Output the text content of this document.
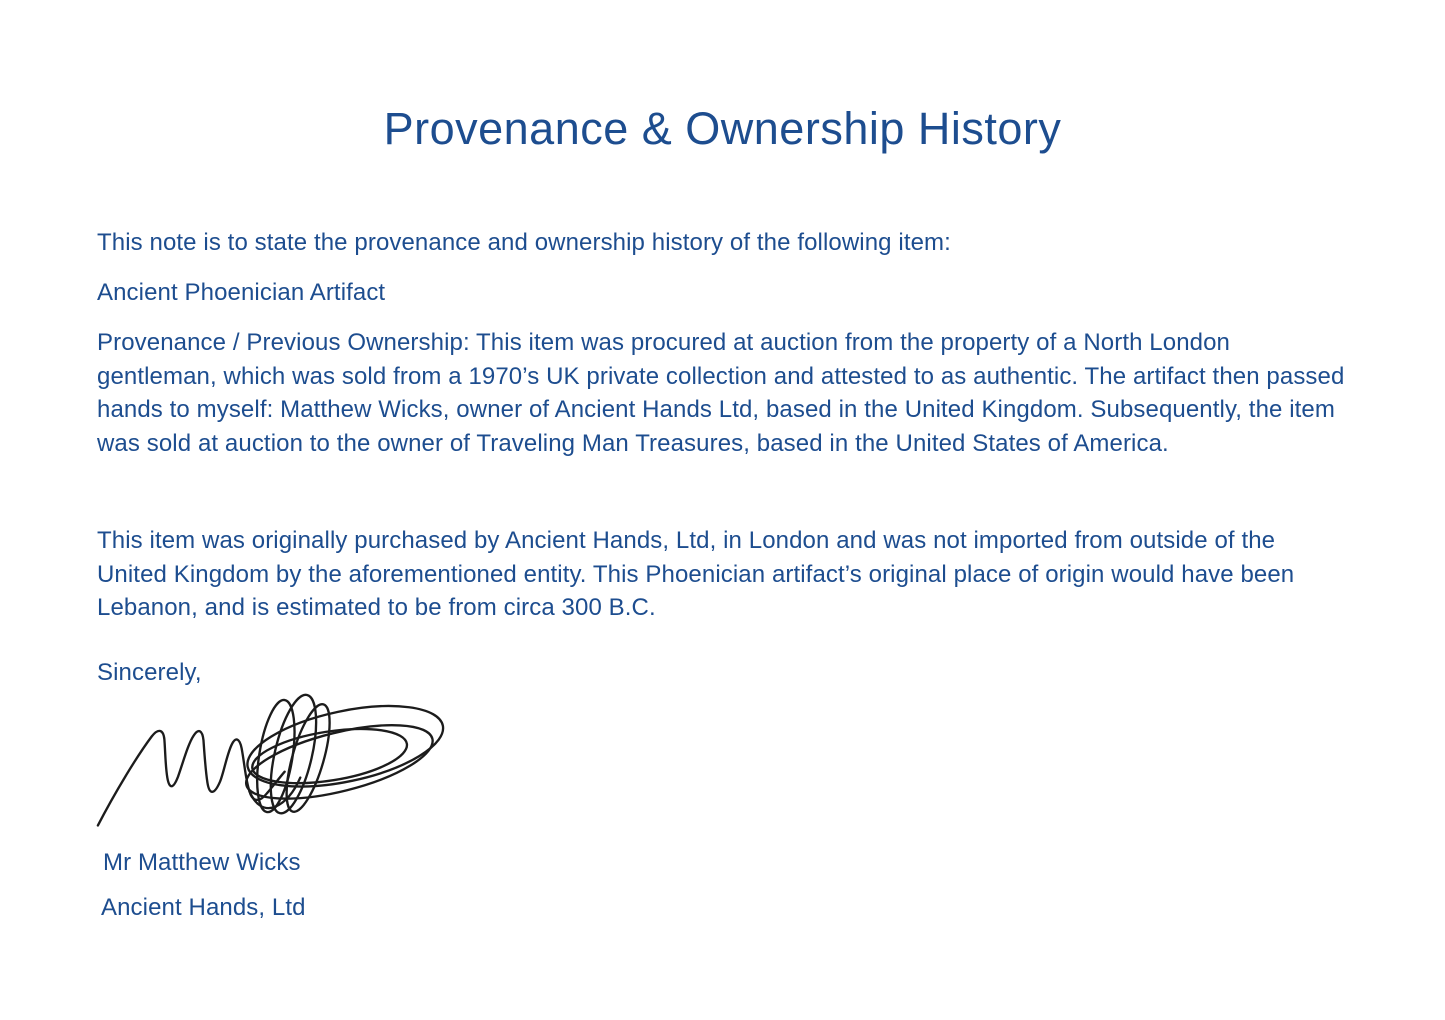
Provenance & Ownership History
This note is to state the provenance and ownership history of the following item:
Ancient Phoenician Artifact
Provenance / Previous Ownership: This item was procured at auction from the property of a North London gentleman, which was sold from a 1970’s UK private collection and attested to as authentic. The artifact then passed hands to myself: Matthew Wicks, owner of Ancient Hands Ltd, based in the United Kingdom. Subsequently, the item was sold at auction to the owner of Traveling Man Treasures, based in the United States of America.
This item was originally purchased by Ancient Hands, Ltd, in London and was not imported from outside of the United Kingdom by the aforementioned entity. This Phoenician artifact’s original place of origin would have been Lebanon, and is estimated to be from circa 300 B.C.
Sincerely,
Mr Matthew Wicks
Ancient Hands, Ltd
